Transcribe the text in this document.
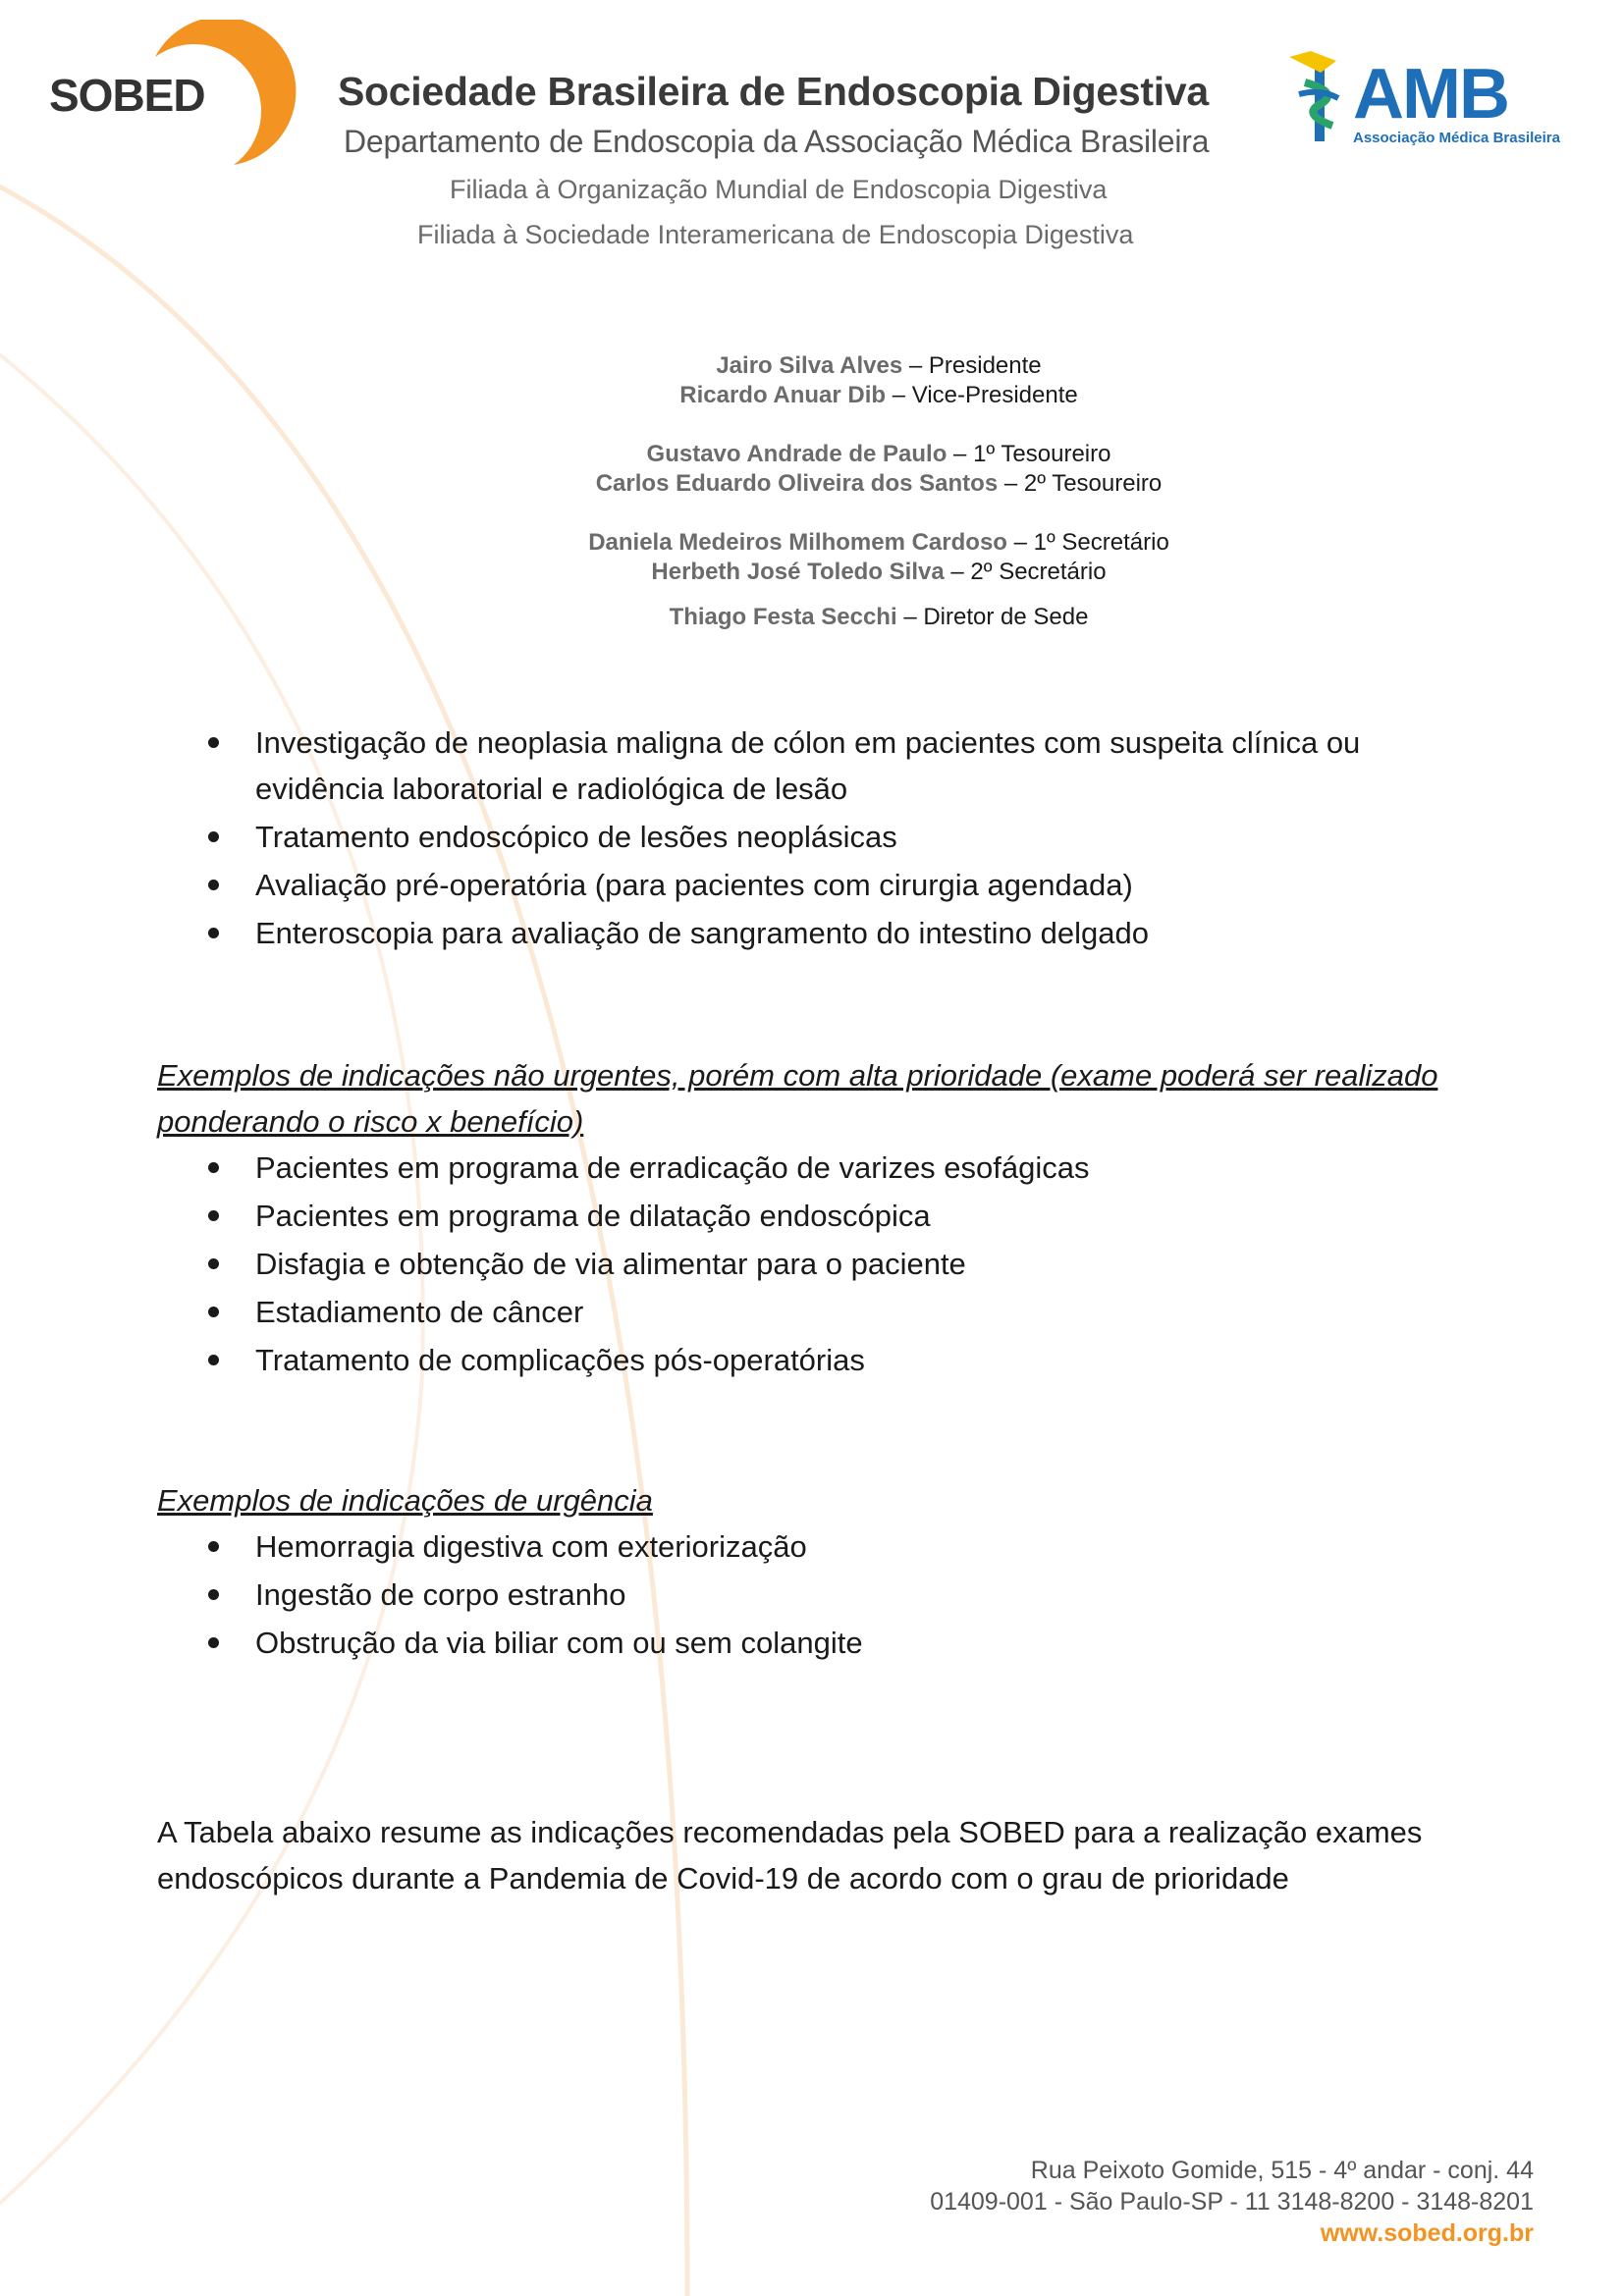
SOBED	Sociedade Brasileira de Endoscopia Digestiva
Departamento de Endoscopia da Associação Médica Brasileira
Filiada à Organização Mundial de Endoscopia Digestiva
Filiada à Sociedade Interamericana de Endoscopia Digestiva
AMB
Associação Médica Brasileira
Jairo Silva Alves – Presidente
Ricardo Anuar Dib – Vice-Presidente
Gustavo Andrade de Paulo – 1º Tesoureiro
Carlos Eduardo Oliveira dos Santos – 2º Tesoureiro
Daniela Medeiros Milhomem Cardoso – 1º Secretário
Herbeth José Toledo Silva – 2º Secretário
Thiago Festa Secchi – Diretor de Sede
Investigação de neoplasia maligna de cólon em pacientes com suspeita clínica ou evidência laboratorial e radiológica de lesão
Tratamento endoscópico de lesões neoplásicas
Avaliação pré-operatória (para pacientes com cirurgia agendada)
Enteroscopia para avaliação de sangramento do intestino delgado

Exemplos de indicações não urgentes, porém com alta prioridade (exame poderá ser realizado ponderando o risco x benefício)

Pacientes em programa de erradicação de varizes esofágicas
Pacientes em programa de dilatação endoscópica
Disfagia e obtenção de via alimentar para o paciente
Estadiamento de câncer
Tratamento de complicações pós-operatórias

Exemplos de indicações de urgência

Hemorragia digestiva com exteriorização
Ingestão de corpo estranho
Obstrução da via biliar com ou sem colangite

A Tabela abaixo resume as indicações recomendadas pela SOBED para a realização exames endoscópicos durante a Pandemia de Covid-19 de acordo com o grau de prioridade

Rua Peixoto Gomide, 515 - 4º andar - conj. 44
01409-001 - São Paulo-SP - 11 3148-8200 - 3148-8201
www.sobed.org.br
